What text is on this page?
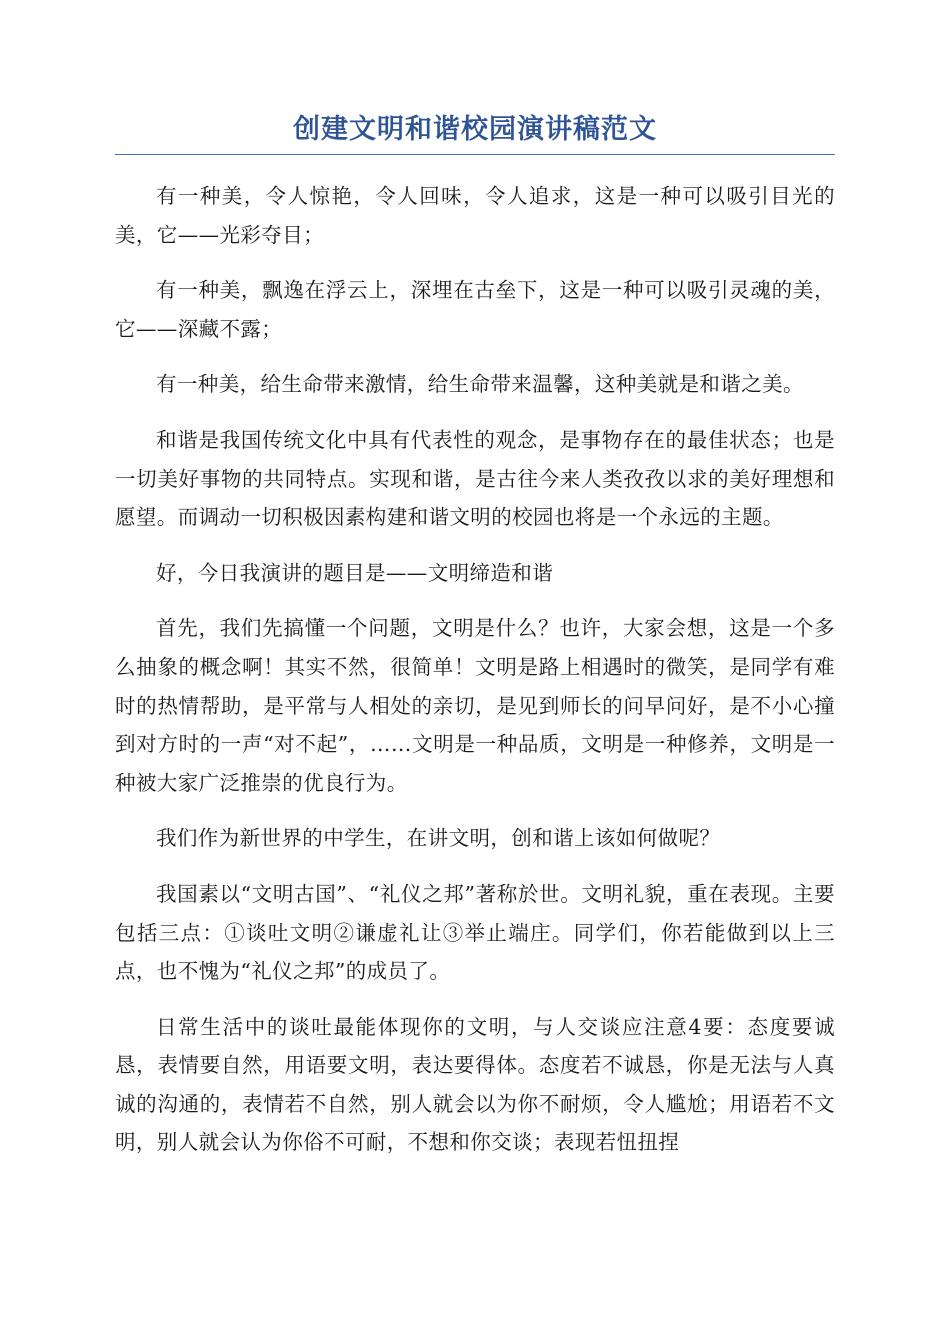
创建文明和谐校园演讲稿范文

有一种美，令人惊艳，令人回味，令人追求，这是一种可以吸引目光的美，它——光彩夺目；

有一种美，飘逸在浮云上，深埋在古垒下，这是一种可以吸引灵魂的美，它——深藏不露；

有一种美，给生命带来激情，给生命带来温馨，这种美就是和谐之美。

和谐是我国传统文化中具有代表性的观念，是事物存在的最佳状态；也是一切美好事物的共同特点。实现和谐，是古往今来人类孜孜以求的美好理想和愿望。而调动一切积极因素构建和谐文明的校园也将是一个永远的主题。

好，今日我演讲的题目是——文明缔造和谐

首先，我们先搞懂一个问题，文明是什么？也许，大家会想，这是一个多么抽象的概念啊！其实不然，很简单！文明是路上相遇时的微笑，是同学有难时的热情帮助，是平常与人相处的亲切，是见到师长的问早问好，是不小心撞到对方时的一声“对不起”，……文明是一种品质，文明是一种修养，文明是一种被大家广泛推崇的优良行为。

我们作为新世界的中学生，在讲文明，创和谐上该如何做呢？

我国素以“文明古国”、“礼仪之邦”著称於世。文明礼貌，重在表现。主要包括三点：①谈吐文明②谦虚礼让③举止端庄。同学们，你若能做到以上三点，也不愧为“礼仪之邦”的成员了。

日常生活中的谈吐最能体现你的文明，与人交谈应注意4要：态度要诚恳，表情要自然，用语要文明，表达要得体。态度若不诚恳，你是无法与人真诚的沟通的，表情若不自然，别人就会以为你不耐烦，令人尴尬；用语若不文明，别人就会认为你俗不可耐，不想和你交谈；表现若忸扭捏
